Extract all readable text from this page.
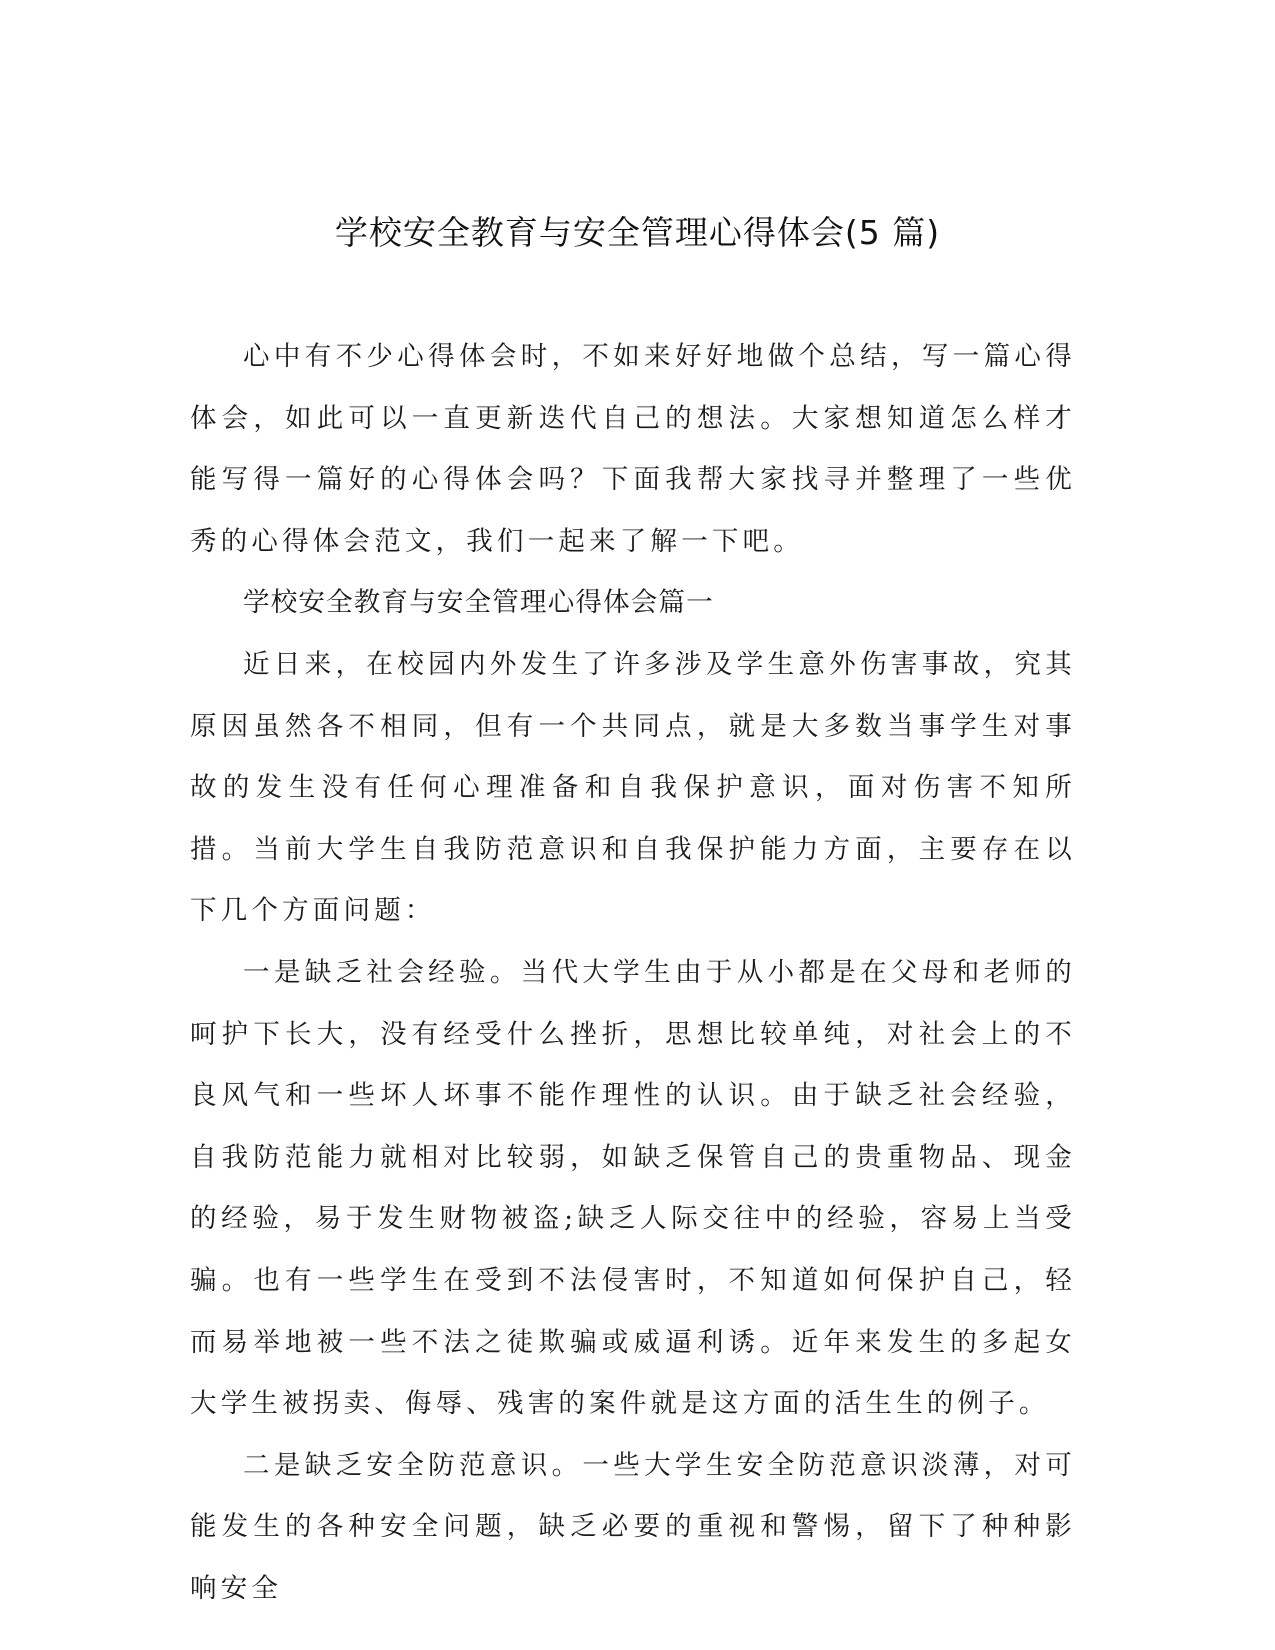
学校安全教育与安全管理心得体会(5 篇)

心中有不少心得体会时，不如来好好地做个总结，写一篇心得体会，如此可以一直更新迭代自己的想法。大家想知道怎么样才能写得一篇好的心得体会吗？下面我帮大家找寻并整理了一些优秀的心得体会范文，我们一起来了解一下吧。

学校安全教育与安全管理心得体会篇一

近日来，在校园内外发生了许多涉及学生意外伤害事故，究其原因虽然各不相同，但有一个共同点，就是大多数当事学生对事故的发生没有任何心理准备和自我保护意识，面对伤害不知所措。当前大学生自我防范意识和自我保护能力方面，主要存在以下几个方面问题：

一是缺乏社会经验。当代大学生由于从小都是在父母和老师的呵护下长大，没有经受什么挫折，思想比较单纯，对社会上的不良风气和一些坏人坏事不能作理性的认识。由于缺乏社会经验，自我防范能力就相对比较弱，如缺乏保管自己的贵重物品、现金的经验，易于发生财物被盗;缺乏人际交往中的经验，容易上当受骗。也有一些学生在受到不法侵害时，不知道如何保护自己，轻而易举地被一些不法之徒欺骗或威逼利诱。近年来发生的多起女大学生被拐卖、侮辱、残害的案件就是这方面的活生生的例子。

二是缺乏安全防范意识。一些大学生安全防范意识淡薄，对可能发生的各种安全问题，缺乏必要的重视和警惕，留下了种种影响安全
